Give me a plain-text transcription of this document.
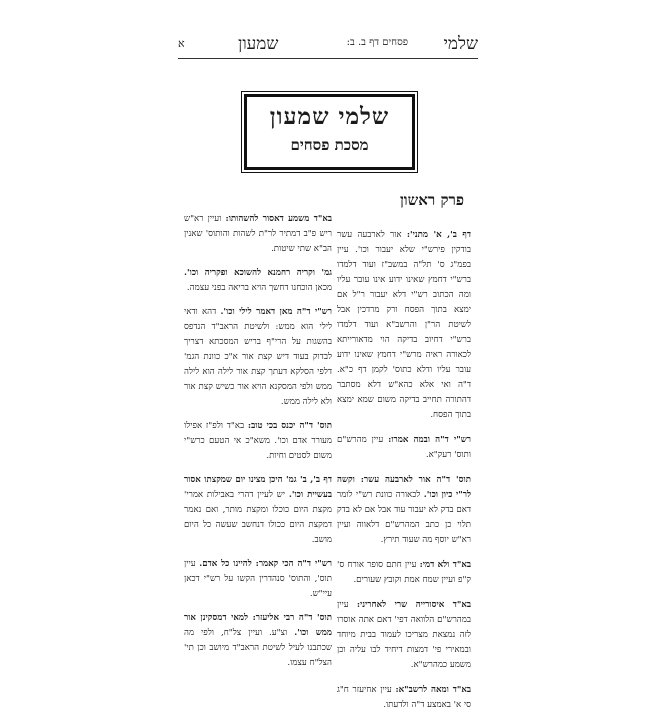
שלמי
פסחים דף ב. ב:
שמעון
א
שלמי שמעון
מסכת פסחים
פרק ראשון

דף ב', א' מתני': אור לארבעה עשר בודקין פירש"י שלא יעבור וכו'. עיין בפמ"ג ס' תל"ה במשב"ז ועוד דלמדו ברש"י דחמץ שאינו ידוע אינו עובר עליו ומה הכתוב רש"י דלא יעבור ר"ל אם ימצא בתוך הפסח ורק מרדכין אבל לשיטת הר"ן והרשב"א ועוד דלמדו ברש"י דחיוב בדיקה הוי מדאורייתא לכאורה ראיה מרש"י דחמץ שאינו ידוע עובר עליו ודלא כתוס' לקמן דף כ"א. ד"ה ואי אלא כהא"ש דלא מסתבר דהתורה תחייב בדיקה משום שמא ימצא בתוך הפסח.

רש"י ד"ה ובמה אמרו: עיין מהרש"ם ותוס' רעק"א.

תוס' ד"ה אור לארבעה עשר: וקשה לר"י כיון וכו'. לכאורה כוונת רש"י לומר דאם בדק לא יעבור עוד אבל אם לא בדק תלוי כן כתב המהרש"ם דלאווה ועיין רא"ש יוסף מה שעוד תירץ.

בא"ד ולא דמי: עיין חתם סופר אורח ס' ק"פ ועיין שמח אמת וקובץ שעורים.

בא"ד איסורייה שרי לאחריני: עיין במהרש"ם הלוואה דפי' דאם אתה אוסרו לזה נמצאת מצריכו לעמוד בבית מיוחד ובמאירי פי' דמצות דיחיד לבו עליה וכן משמע כמהרש"א.

בא"ד ומאה לרשב"א: עיין אחיעזר ח"ג סי א' באמצע ד"ה ולדעתו.

בא"ד משמע דאסור להשהותו: ועיין רא"ש ריש פ"ב דמתיר לר"ת לשהות והותוס' שאנין הב"א שתי שיטות.

גמ' וקריה רחמנא להשוכא ופקריה וכו'. מכאן הוכחנו דחשך הויא בריאה בפני עצמה.

רש"י ד"ה מאן דאמר לילי וכו'. דהא ודאי לילי הוא ממש: ולשיטת הראב"ד הנדפס בהשגות על הרי"ף בריש המסכתא דצריך לבדוק בעוד דיש קצת אור א"כ כוונת הגמ' דלפי הסלקא דעתך קצת אור לילה הוא לילה ממש ולפי המסקנא הויא אור כשיש קצת אור ולא לילה ממש.

תוס' ד"ה יכנס בכי טוב: בא"ד ולפ"ז אפילו מעורר אדם וכו'. משא"כ אי הטעם כרש"י משום לסטים וחיות.

דף ב', ב' גמ' היכן מצינו יום שמקצתו אסור בעשיית וכו'. יש לעיין דהרי באבילות אמרי' מקצת היום כוכלו ומקצת מותר, ואם נאמר דמקצת היום ככולו דנחשב שעשה כל היום מושב.

רש"י ד"ה הכי קאמר: להיינו כל אדם. עיין תוס', והתוס' סנהדרין הקשו על רש"י דכאן עיי"ש.

תוס' ד"ה רבי אליעזר: למאי דמסקינן אור ממש וכו'. וצ"ע. ועיין צל"ח, ולפי מה שכתבנו לעיל לשיטת הראב"ד מיושב וכן תי' הצל"ח עצמו.
